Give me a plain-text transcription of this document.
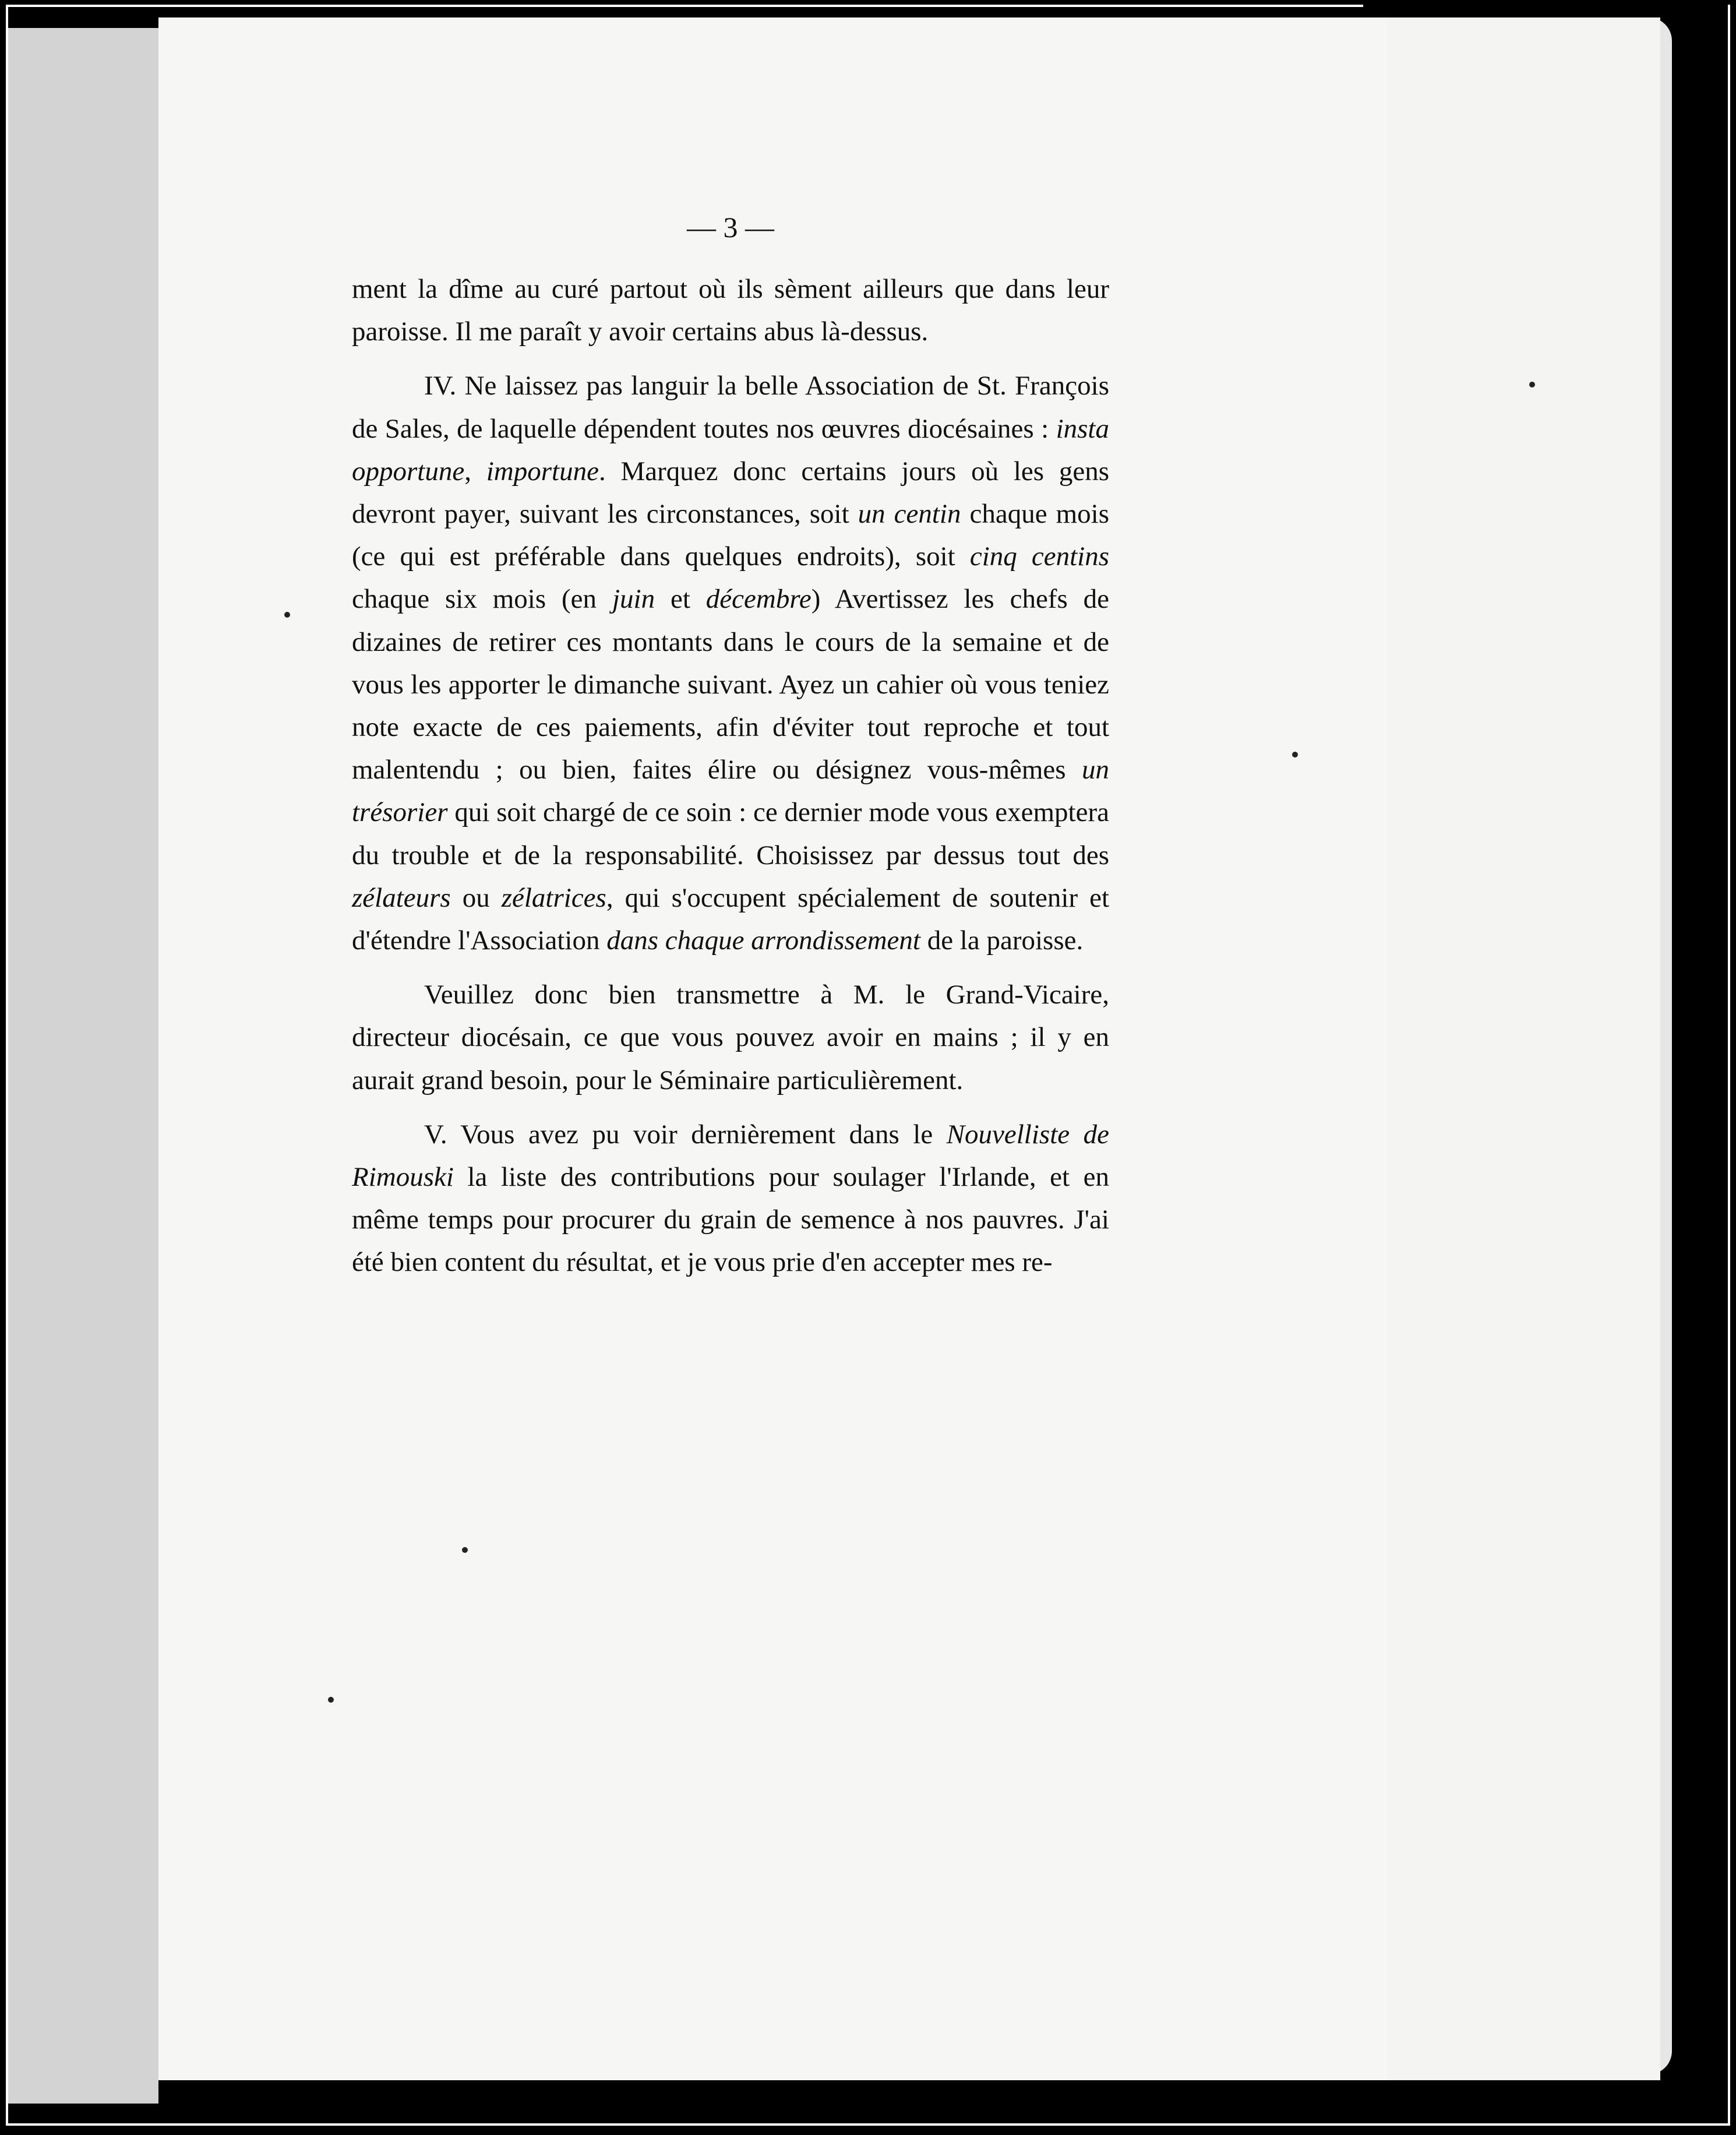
— 3 —

ment la dîme au curé partout où ils sèment ailleurs que dans leur paroisse. Il me paraît y avoir certains abus là-dessus.

IV. Ne laissez pas languir la belle Association de St. François de Sales, de laquelle dépendent toutes nos œuvres diocésaines : insta opportune, importune. Marquez donc certains jours où les gens devront payer, suivant les circonstances, soit un centin chaque mois (ce qui est préférable dans quelques endroits), soit cinq centins chaque six mois (en juin et décembre) Avertissez les chefs de dizaines de retirer ces montants dans le cours de la semaine et de vous les apporter le dimanche suivant. Ayez un cahier où vous teniez note exacte de ces paiements, afin d'éviter tout reproche et tout malentendu ; ou bien, faites élire ou désignez vous-mêmes un trésorier qui soit chargé de ce soin : ce dernier mode vous exemptera du trouble et de la responsabilité. Choisissez par dessus tout des zélateurs ou zélatrices, qui s'occupent spécialement de soutenir et d'étendre l'Association dans chaque arrondissement de la paroisse.

Veuillez donc bien transmettre à M. le Grand-Vicaire, directeur diocésain, ce que vous pouvez avoir en mains ; il y en aurait grand besoin, pour le Séminaire particulièrement.

V. Vous avez pu voir dernièrement dans le Nouvelliste de Rimouski la liste des contributions pour soulager l'Irlande, et en même temps pour procurer du grain de semence à nos pauvres. J'ai été bien content du résultat, et je vous prie d'en accepter mes re-
